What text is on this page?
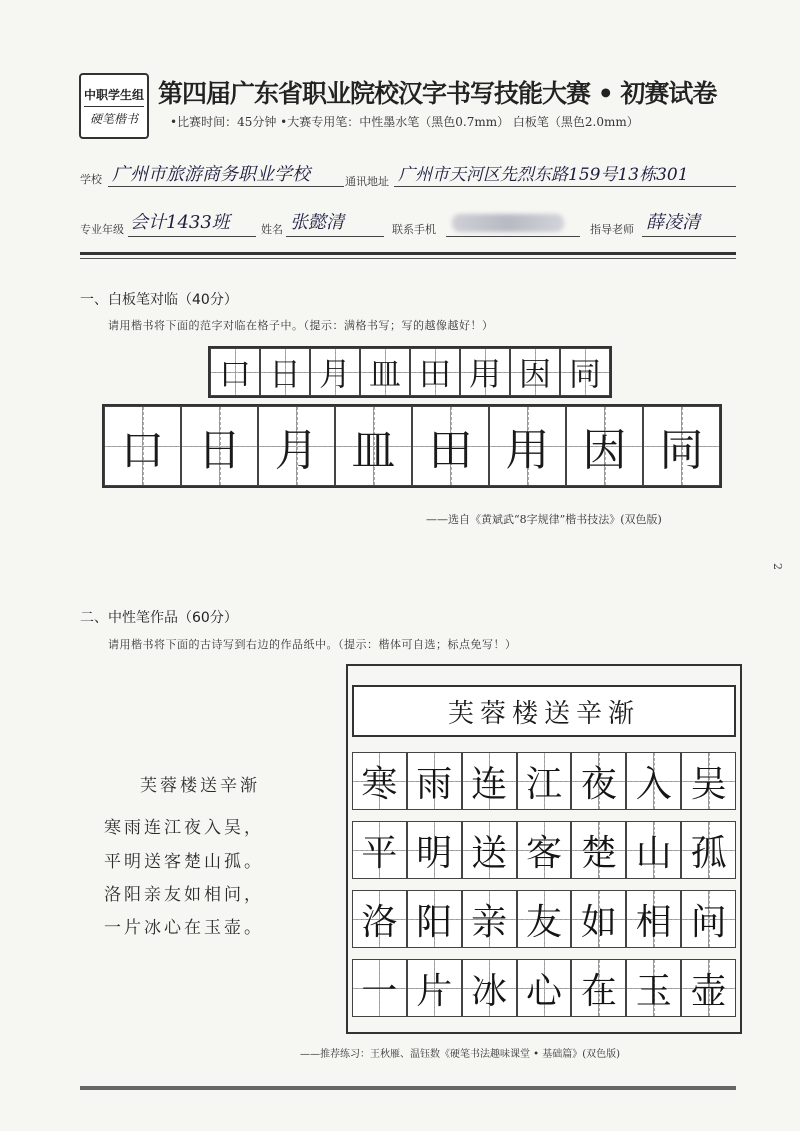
中职学生组
硬笔楷书
第四届广东省职业院校汉字书写技能大赛 • 初赛试卷
•比赛时间：45分钟 •大赛专用笔：中性墨水笔（黑色0.7mm） 白板笔（黑色2.0mm）
学校 广州市旅游商务职业学校	通讯地址 广州市天河区先烈东路159号13栋301
专业年级 会计1433班	姓名 张懿清	联系手机	指导老师 薛凌清
一、白板笔对临（40分）
请用楷书将下面的范字对临在格子中。（提示：满格书写；写的越像越好！）
口 日 月 皿 田 用 因 同
口 日 月 皿 田 用 因 同
——选自《黄斌武“8字规律”楷书技法》(双色版)
2
二、中性笔作品（60分）
请用楷书将下面的古诗写到右边的作品纸中。（提示：楷体可自选；标点免写！）
芙蓉楼送辛渐
寒雨连江夜入吴，
平明送客楚山孤。
洛阳亲友如相问，
一片冰心在玉壶。
芙蓉楼送辛渐
寒 雨 连 江 夜 入 吴
平 明 送 客 楚 山 孤
洛 阳 亲 友 如 相 问
一 片 冰 心 在 玉 壶
——推荐练习：王秋雁、温钰数《硬笔书法趣味课堂 • 基础篇》(双色版)
